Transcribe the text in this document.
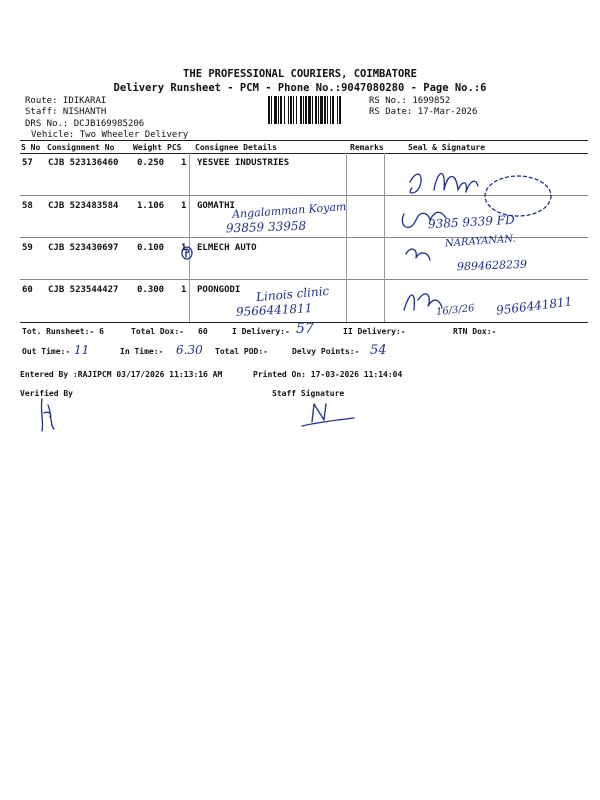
THE PROFESSIONAL COURIERS, COIMBATORE
Delivery Runsheet - PCM - Phone No.:9047080280 - Page No.:6
Route: IDIKARAI
Staff: NISHANTH
DRS No.: DCJB169985206
Vehicle: Two Wheeler Delivery
RS No.: 1699852
RS Date: 17-Mar-2026
S No Consignment No Weight PCS Consignee Details	Remarks	Seal & Signature
57 CJB 523136460 0.250 1 YESVEE INDUSTRIES
58 CJB 523483584 1.106 1 GOMATHI
59 CJB 523430697 0.100 1 ELMECH AUTO
60 CJB 523544427 0.300 1 POONGODI
Angalamman Koyam
93859 33958	9385 9339 FD
NARAYANAN.
9894628239
Linois clinic
9566441811	16/3/26 9566441811
Tot. Runsheet:- 6	Total Dox:- 60	I Delivery:- 57	II Delivery:-	RTN Dox:-
Out Time:- 11	In Time:- 6.30 Total POD:-	Delvy Points:- 54
Entered By :RAJIPCM 03/17/2026 11:13:16 AM	Printed On: 17-03-2026 11:14:04
Verified By	Staff Signature
